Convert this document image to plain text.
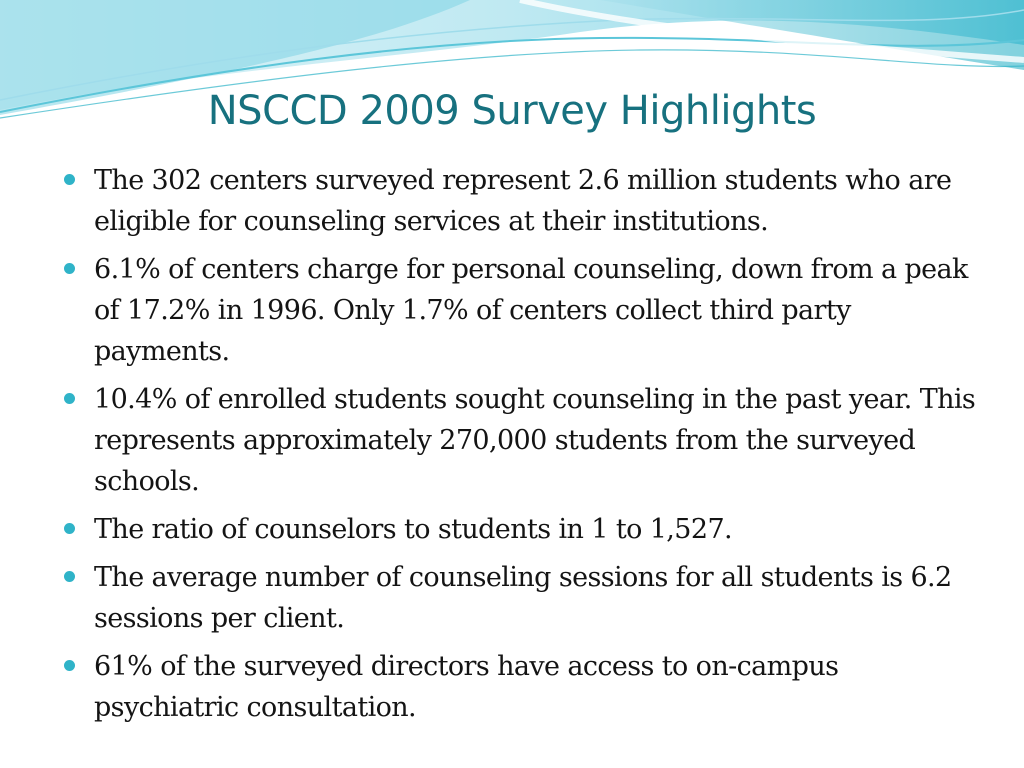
NSCCD 2009 Survey Highlights
The 302 centers surveyed represent 2.6 million students who are eligible for counseling services at their institutions.
6.1% of centers charge for personal counseling, down from a peak of 17.2% in 1996. Only 1.7% of centers collect third party payments.
10.4% of enrolled students sought counseling in the past year. This represents approximately 270,000 students from the surveyed schools.
The ratio of counselors to students in 1 to 1,527.
The average number of counseling sessions for all students is 6.2 sessions per client.
61% of the surveyed directors have access to on-campus psychiatric consultation.
